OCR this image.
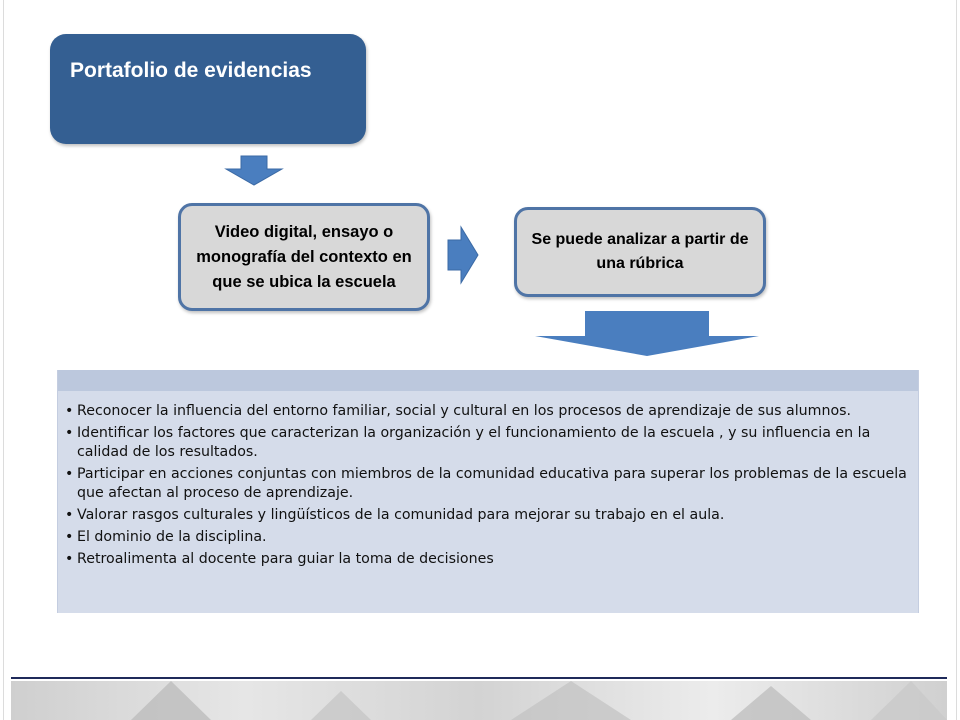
Portafolio de evidencias
Video digital, ensayo o monografía del contexto en que se ubica la escuela
Se puede analizar a partir de una rúbrica
• Reconocer la influencia del entorno familiar, social y cultural en los procesos de aprendizaje de sus alumnos.
• Identificar los factores que caracterizan la organización y el funcionamiento de la escuela , y su influencia en la calidad de los resultados.
• Participar en acciones conjuntas con miembros de la comunidad educativa para superar los problemas de la escuela que afectan al proceso de aprendizaje.
• Valorar rasgos culturales y lingüísticos de la comunidad para mejorar su trabajo en el aula.
• El dominio de la disciplina.
• Retroalimenta al docente para guiar la toma de decisiones
